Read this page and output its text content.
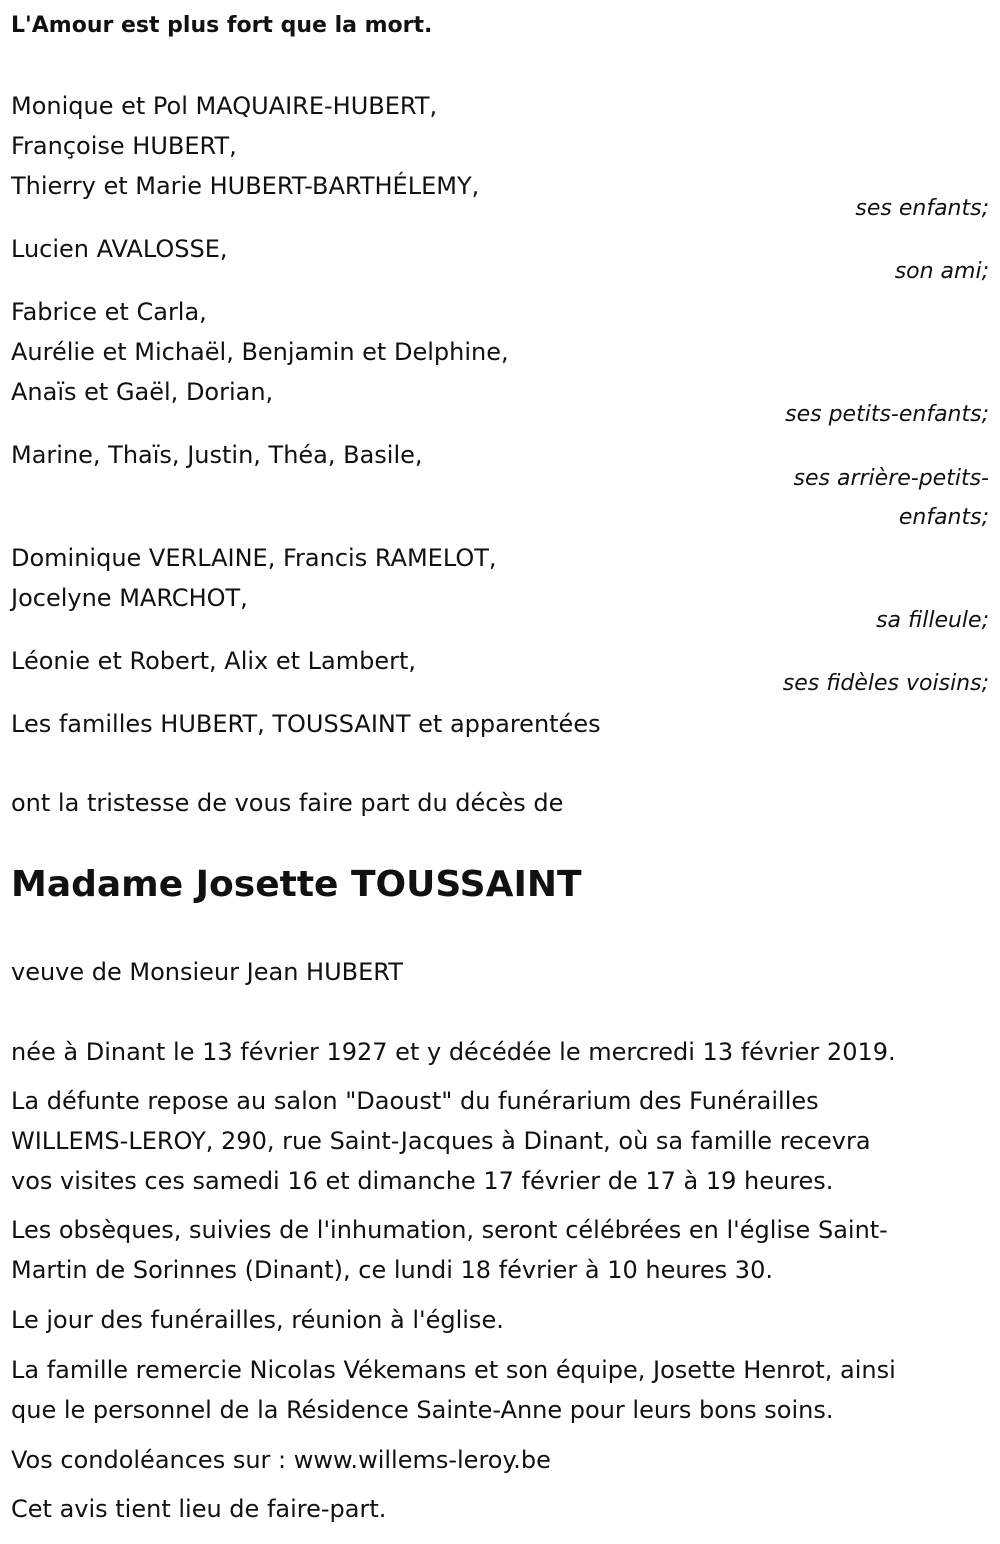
L'Amour est plus fort que la mort.
Monique et Pol MAQUAIRE-HUBERT,
Françoise HUBERT,
Thierry et Marie HUBERT-BARTHÉLEMY,
ses enfants;
Lucien AVALOSSE,
son ami;
Fabrice et Carla,
Aurélie et Michaël, Benjamin et Delphine,
Anaïs et Gaël, Dorian,
ses petits-enfants;
Marine, Thaïs, Justin, Théa, Basile,
ses arrière-petits-
enfants;
Dominique VERLAINE, Francis RAMELOT,
Jocelyne MARCHOT,
sa filleule;
Léonie et Robert, Alix et Lambert,
ses fidèles voisins;
Les familles HUBERT, TOUSSAINT et apparentées
ont la tristesse de vous faire part du décès de
Madame Josette TOUSSAINT
veuve de Monsieur Jean HUBERT
née à Dinant le 13 février 1927 et y décédée le mercredi 13 février 2019.
La défunte repose au salon "Daoust" du funérarium des Funérailles
WILLEMS-LEROY, 290, rue Saint-Jacques à Dinant, où sa famille recevra
vos visites ces samedi 16 et dimanche 17 février de 17 à 19 heures.
Les obsèques, suivies de l'inhumation, seront célébrées en l'église Saint-
Martin de Sorinnes (Dinant), ce lundi 18 février à 10 heures 30.
Le jour des funérailles, réunion à l'église.
La famille remercie Nicolas Vékemans et son équipe, Josette Henrot, ainsi
que le personnel de la Résidence Sainte-Anne pour leurs bons soins.
Vos condoléances sur : www.willems-leroy.be
Cet avis tient lieu de faire-part.
